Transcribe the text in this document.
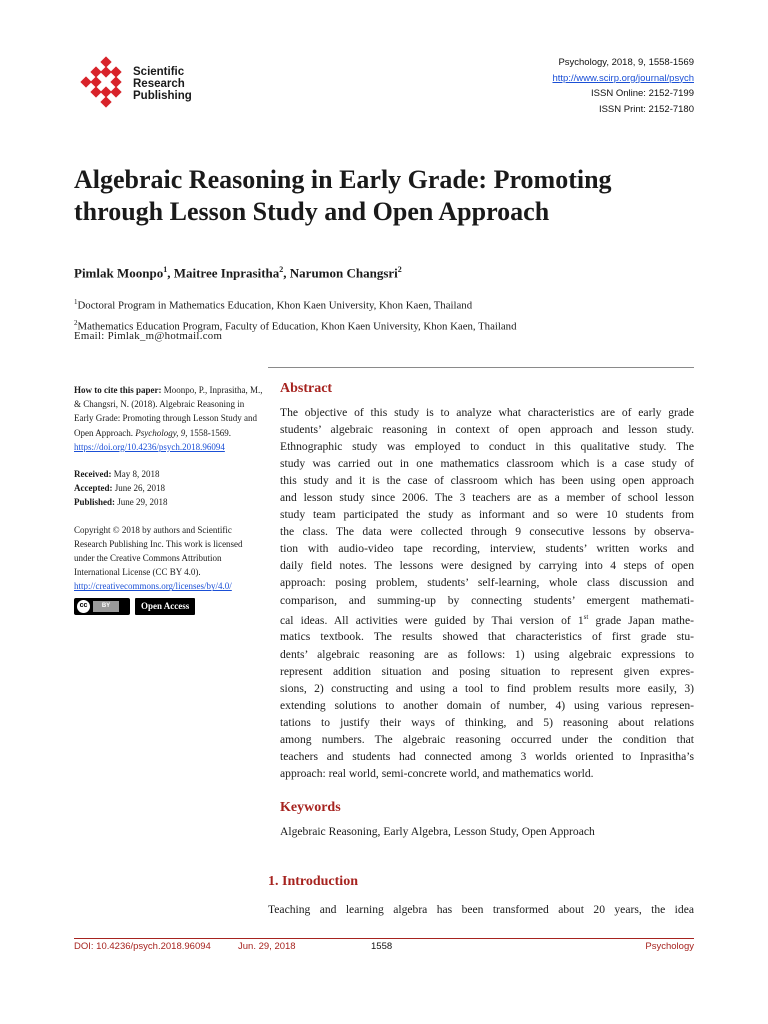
Scientific
Research
Publishing
Psychology, 2018, 9, 1558-1569
http://www.scirp.org/journal/psych
ISSN Online: 2152-7199
ISSN Print: 2152-7180
Algebraic Reasoning in Early Grade: Promoting
through Lesson Study and Open Approach
Pimlak Moonpo$^1$, Maitree Inprasitha$^2$, Narumon Changsri$^2$
$^1$Doctoral Program in Mathematics Education, Khon Kaen University, Khon Kaen, Thailand
$^2$Mathematics Education Program, Faculty of Education, Khon Kaen University, Khon Kaen, Thailand
Email: Pimlak_m@hotmail.com

How to cite this paper: Moonpo, P., Inprasitha, M., & Changsri, N. (2018). Algebraic Reasoning in Early Grade: Promoting through Lesson Study and Open Approach. Psychology, 9, 1558-1569.
https://doi.org/10.4236/psych.2018.96094

Received: May 8, 2018

Accepted: June 26, 2018

Published: June 29, 2018

Copyright © 2018 by authors and Scientific Research Publishing Inc. This work is licensed under the Creative Commons Attribution International License (CC BY 4.0).

http://creativecommons.org/licenses/by/4.0/

cc	BY	Open Access
Abstract
The objective of this study is to analyze what characteristics are of early grade
students’ algebraic reasoning in context of open approach and lesson study.
Ethnographic study was employed to conduct in this qualitative study. The
study was carried out in one mathematics classroom which is a case study of
this study and it is the case of classroom which has been using open approach
and lesson study since 2006. The 3 teachers are as a member of school lesson
study team participated the study as informant and so were 10 students from
the class. The data were collected through 9 consecutive lessons by observa-
tion with audio-video tape recording, interview, students’ written works and
daily field notes. The lessons were designed by carrying into 4 steps of open
approach: posing problem, students’ self-learning, whole class discussion and
comparison, and summing-up by connecting students’ emergent mathemati-
cal ideas. All activities were guided by Thai version of 1st grade Japan mathe-
matics textbook. The results showed that characteristics of first grade stu-
dents’ algebraic reasoning are as follows: 1) using algebraic expressions to
represent addition situation and posing situation to represent given expres-
sions, 2) constructing and using a tool to find problem results more easily, 3)
extending solutions to another domain of number, 4) using various represen-
tations to justify their ways of thinking, and 5) reasoning about relations
among numbers. The algebraic reasoning occurred under the condition that
teachers and students had connected among 3 worlds oriented to Inprasitha’s
approach: real world, semi-concrete world, and mathematics world.
Keywords
Algebraic Reasoning, Early Algebra, Lesson Study, Open Approach
1. Introduction
Teaching and learning algebra has been transformed about 20 years, the idea
DOI: 10.4236/psych.2018.96094	Jun. 29, 2018	1558	Psychology
